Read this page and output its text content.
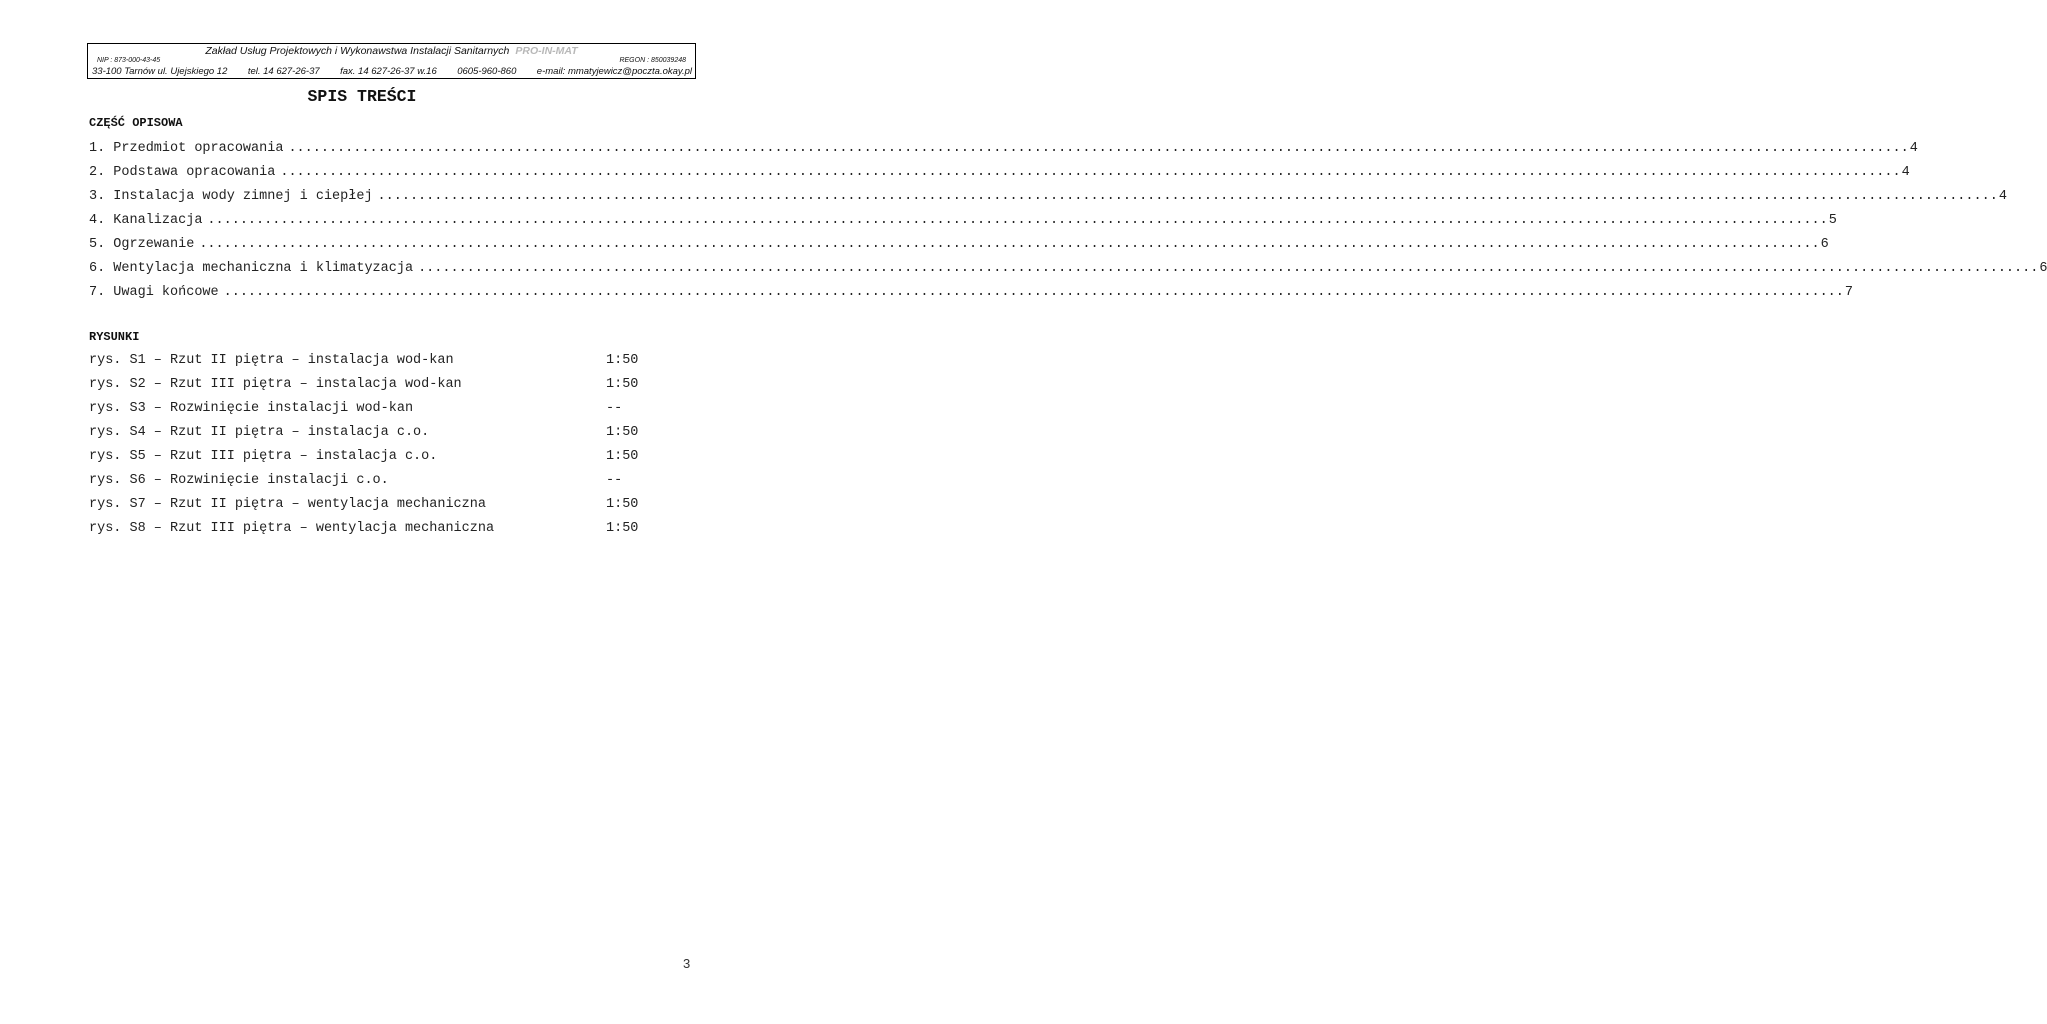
Zakład Usług Projektowych i Wykonawstwa Instalacji Sanitarnych PRO-IN-MAT
NIP : 873-000-43-45	REGON : 850039248
33-100 Tarnów ul. Ujejskiego 12 tel. 14 627-26-37 fax. 14 627-26-37 w.16 0605-960-860 e-mail: mmatyjewicz@poczta.okay.pl
SPIS TREŚCI
CZĘŚĆ OPISOWA
1. Przedmiot opracowania ........................................................................................................................................................................................................ 4
2. Podstawa opracowania ........................................................................................................................................................................................................ 4
3. Instalacja wody zimnej i ciepłej ........................................................................................................................................................................................................ 4
4. Kanalizacja ........................................................................................................................................................................................................ 5
5. Ogrzewanie ........................................................................................................................................................................................................ 6
6. Wentylacja mechaniczna i klimatyzacja ........................................................................................................................................................................................................ 6
7. Uwagi końcowe ........................................................................................................................................................................................................ 7
RYSUNKI
rys. S1 – Rzut II piętra – instalacja wod-kan	1:50
rys. S2 – Rzut III piętra – instalacja wod-kan	1:50
rys. S3 – Rozwinięcie instalacji wod-kan	--
rys. S4 – Rzut II piętra – instalacja c.o.	1:50
rys. S5 – Rzut III piętra – instalacja c.o.	1:50
rys. S6 – Rozwinięcie instalacji c.o.	--
rys. S7 – Rzut II piętra – wentylacja mechaniczna	1:50
rys. S8 – Rzut III piętra – wentylacja mechaniczna	1:50
3
